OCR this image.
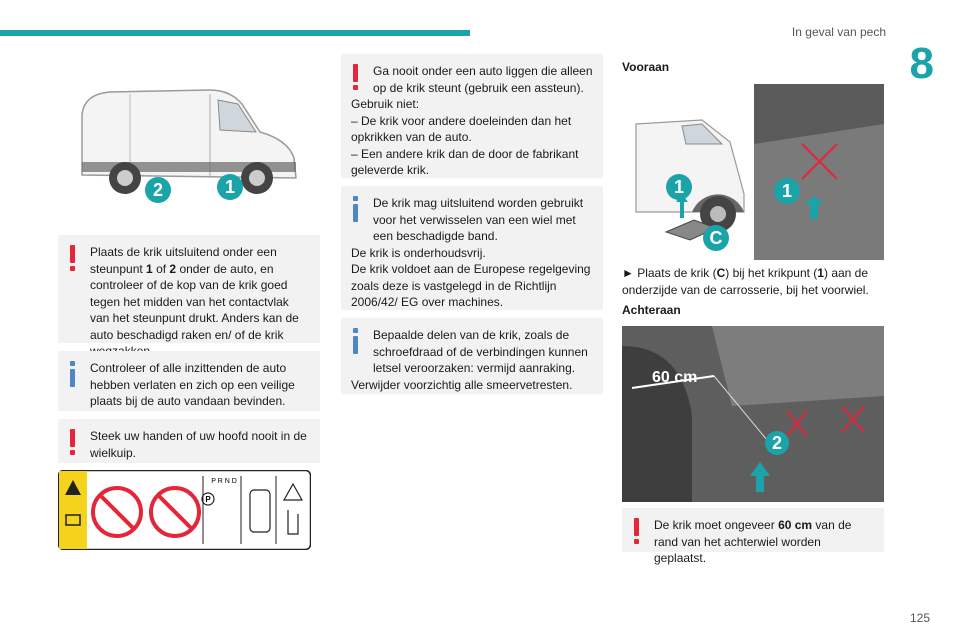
In geval van pech
8
2	1
Plaats de krik uitsluitend onder een steunpunt 1 of 2 onder de auto, en controleer of de kop van de krik goed tegen het midden van het contactvlak van het steunpunt drukt. Anders kan de auto beschadigd raken en/ of de krik
Controleer of alle inzittenden de auto hebben verlaten en zich op een veilige plaats bij de auto vandaan bevinden.
Steek uw handen of uw hoofd nooit in de wielkuip.
P R N D
P
Ga nooit onder een auto liggen die alleen op de krik steunt (gebruik een assteun).
Gebruik niet:
– De krik voor andere doeleinden dan het opkrikken van de auto.
– Een andere krik dan de door de fabrikant geleverde krik.
De krik mag uitsluitend worden gebruikt voor het verwisselen van een wiel met een beschadigde band.
De krik is onderhoudsvrij.
De krik voldoet aan de Europese regelgeving zoals deze is vastgelegd in de Richtlijn 2006/42/ EG over machines.
Bepaalde delen van de krik, zoals de schroefdraad of de verbindingen kunnen letsel veroorzaken: vermijd aanraking.
Verwijder voorzichtig alle smeervetresten.
Vooraan
1
C
1
► Plaats de krik (C) bij het krikpunt (1) aan de onderzijde van de carrosserie, bij het voorwiel.
Achteraan
60 cm
2
De krik moet ongeveer 60 cm van de rand van het achterwiel worden geplaatst.
125
